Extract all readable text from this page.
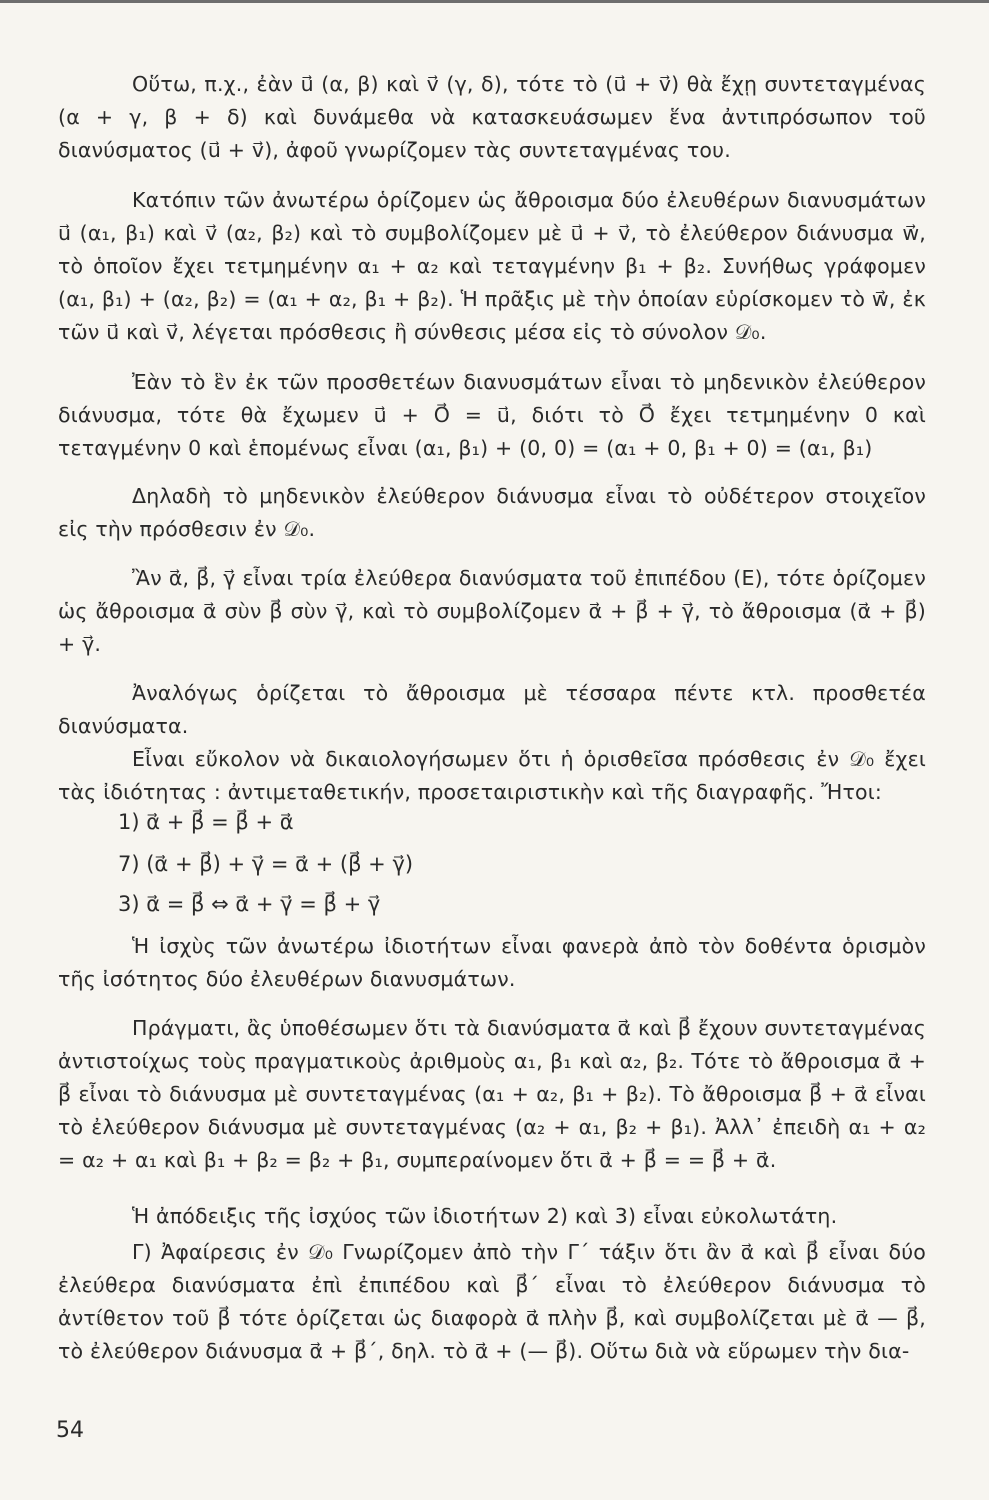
Οὕτω, π.χ., ἐὰν u⃗ (α, β) καὶ v⃗ (γ, δ), τότε τὸ (u⃗ + v⃗) θὰ ἔχῃ συντεταγμένας (α + γ, β + δ) καὶ δυνάμεθα νὰ κατασκευάσωμεν ἕνα ἀντιπρόσωπον τοῦ διανύσματος (u⃗ + v⃗), ἀφοῦ γνωρίζομεν τὰς συντεταγμένας του.

Κατόπιν τῶν ἀνωτέρω ὁρίζομεν ὡς ἄθροισμα δύο ἐλευθέρων διανυσμάτων u⃗ (α₁, β₁) καὶ v⃗ (α₂, β₂) καὶ τὸ συμβολίζομεν μὲ u⃗ + v⃗, τὸ ἐλεύθερον διάνυσμα w⃗, τὸ ὁποῖον ἔχει τετμημένην α₁ + α₂ καὶ τεταγμένην β₁ + β₂. Συνήθως γράφομεν (α₁, β₁) + (α₂, β₂) = (α₁ + α₂, β₁ + β₂). Ἡ πρᾶξις μὲ τὴν ὁποίαν εὑρίσκομεν τὸ w⃗, ἐκ τῶν u⃗ καὶ v⃗, λέγεται πρόσθεσις ἢ σύνθεσις μέσα εἰς τὸ σύνολον 𝒟₀.

Ἐὰν τὸ ἓν ἐκ τῶν προσθετέων διανυσμάτων εἶναι τὸ μηδενικὸν ἐλεύθερον διάνυσμα, τότε θὰ ἔχωμεν u⃗ + O⃗ = u⃗, διότι τὸ O⃗ ἔχει τετμημένην 0 καὶ τεταγμένην 0 καὶ ἑπομένως εἶναι (α₁, β₁) + (0, 0) = (α₁ + 0, β₁ + 0) = (α₁, β₁)

Δηλαδὴ τὸ μηδενικὸν ἐλεύθερον διάνυσμα εἶναι τὸ οὐδέτερον στοιχεῖον εἰς τὴν πρόσθεσιν ἐν 𝒟₀.

Ἂν α⃗, β⃗, γ⃗ εἶναι τρία ἐλεύθερα διανύσματα τοῦ ἐπιπέδου (Ε), τότε ὁρίζομεν ὡς ἄθροισμα α⃗ σὺν β⃗ σὺν γ⃗, καὶ τὸ συμβολίζομεν α⃗ + β⃗ + γ⃗, τὸ ἄθροισμα (α⃗ + β⃗) + γ⃗.

Ἀναλόγως ὁρίζεται τὸ ἄθροισμα μὲ τέσσαρα πέντε κτλ. προσθετέα διανύσματα.

Εἶναι εὔκολον νὰ δικαιολογήσωμεν ὅτι ἡ ὁρισθεῖσα πρόσθεσις ἐν 𝒟₀ ἔχει τὰς ἰδιότητας : ἀντιμεταθετικήν, προσεταιριστικὴν καὶ τῆς διαγραφῆς. Ἤτοι:

1) α⃗ + β⃗ = β⃗ + α⃗
7) (α⃗ + β⃗) + γ⃗ = α⃗ + (β⃗ + γ⃗)
3) α⃗ = β⃗ ⇔ α⃗ + γ⃗ = β⃗ + γ⃗

Ἡ ἰσχὺς τῶν ἀνωτέρω ἰδιοτήτων εἶναι φανερὰ ἀπὸ τὸν δοθέντα ὁρισμὸν τῆς ἰσότητος δύο ἐλευθέρων διανυσμάτων.

Πράγματι, ἂς ὑποθέσωμεν ὅτι τὰ διανύσματα α⃗ καὶ β⃗ ἔχουν συντεταγμένας ἀντιστοίχως τοὺς πραγματικοὺς ἀριθμοὺς α₁, β₁ καὶ α₂, β₂. Τότε τὸ ἄθροισμα α⃗ + β⃗ εἶναι τὸ διάνυσμα μὲ συντεταγμένας (α₁ + α₂, β₁ + β₂). Τὸ ἄθροισμα β⃗ + α⃗ εἶναι τὸ ἐλεύθερον διάνυσμα μὲ συντεταγμένας (α₂ + α₁, β₂ + β₁). Ἀλλ᾽ ἐπειδὴ α₁ + α₂ = α₂ + α₁ καὶ β₁ + β₂ = β₂ + β₁, συμπεραίνομεν ὅτι α⃗ + β⃗ = = β⃗ + α⃗.

Ἡ ἀπόδειξις τῆς ἰσχύος τῶν ἰδιοτήτων 2) καὶ 3) εἶναι εὐκολωτάτη.

Γ) Ἀφαίρεσις ἐν 𝒟₀ Γνωρίζομεν ἀπὸ τὴν Γ΄ τάξιν ὅτι ἂν α⃗ καὶ β⃗ εἶναι δύο ἐλεύθερα διανύσματα ἐπὶ ἐπιπέδου καὶ β⃗΄ εἶναι τὸ ἐλεύθερον διάνυσμα τὸ ἀντίθετον τοῦ β⃗ τότε ὁρίζεται ὡς διαφορὰ α⃗ πλὴν β⃗, καὶ συμβολίζεται μὲ α⃗ — β⃗, τὸ ἐλεύθερον διάνυσμα α⃗ + β⃗΄, δηλ. τὸ α⃗ + (— β⃗). Οὕτω διὰ νὰ εὕρωμεν τὴν δια-

54
